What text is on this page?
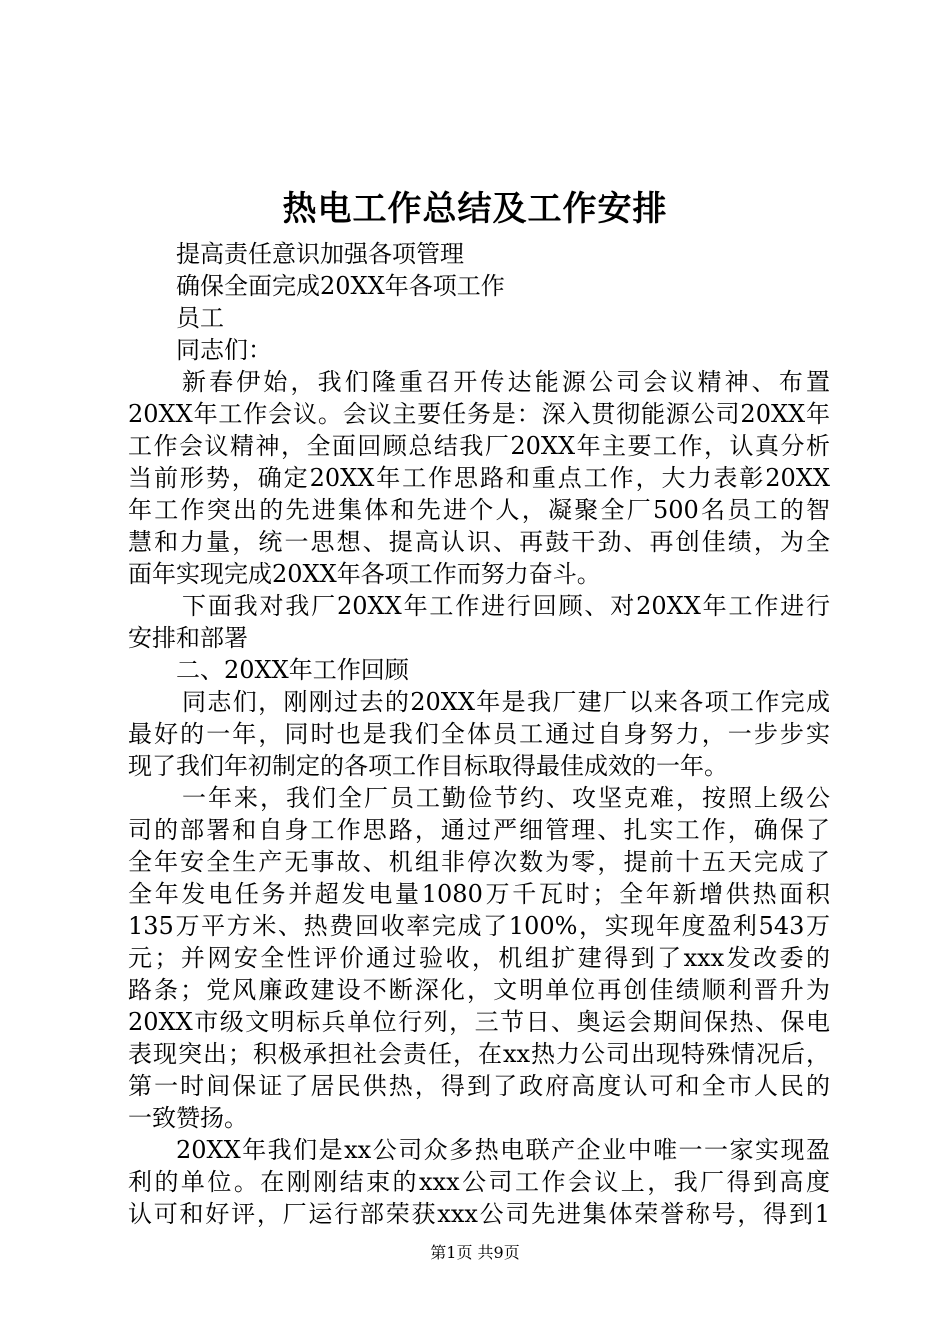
热电工作总结及工作安排
提高责任意识加强各项管理
确保全面完成20XX年各项工作
员工
同志们：
新春伊始，我们隆重召开传达能源公司会议精神、布置
20XX年工作会议。会议主要任务是：深入贯彻能源公司20XX年
工作会议精神，全面回顾总结我厂20XX年主要工作，认真分析
当前形势，确定20XX年工作思路和重点工作，大力表彰20XX
年工作突出的先进集体和先进个人，凝聚全厂500名员工的智
慧和力量，统一思想、提高认识、再鼓干劲、再创佳绩，为全
面年实现完成20XX年各项工作而努力奋斗。
下面我对我厂20XX年工作进行回顾、对20XX年工作进行
安排和部署
二、20XX年工作回顾
同志们，刚刚过去的20XX年是我厂建厂以来各项工作完成
最好的一年，同时也是我们全体员工通过自身努力，一步步实
现了我们年初制定的各项工作目标取得最佳成效的一年。
一年来，我们全厂员工勤俭节约、攻坚克难，按照上级公
司的部署和自身工作思路，通过严细管理、扎实工作，确保了
全年安全生产无事故、机组非停次数为零，提前十五天完成了
全年发电任务并超发电量1080万千瓦时；全年新增供热面积
135万平方米、热费回收率完成了100%，实现年度盈利543万
元；并网安全性评价通过验收，机组扩建得到了xxx发改委的
路条；党风廉政建设不断深化，文明单位再创佳绩顺利晋升为
20XX市级文明标兵单位行列，三节日、奥运会期间保热、保电
表现突出；积极承担社会责任，在xx热力公司出现特殊情况后，
第一时间保证了居民供热，得到了政府高度认可和全市人民的
一致赞扬。
20XX年我们是xx公司众多热电联产企业中唯一一家实现盈
利的单位。在刚刚结束的xxx公司工作会议上，我厂得到高度
认可和好评，厂运行部荣获xxx公司先进集体荣誉称号，得到1
第1页 共9页
